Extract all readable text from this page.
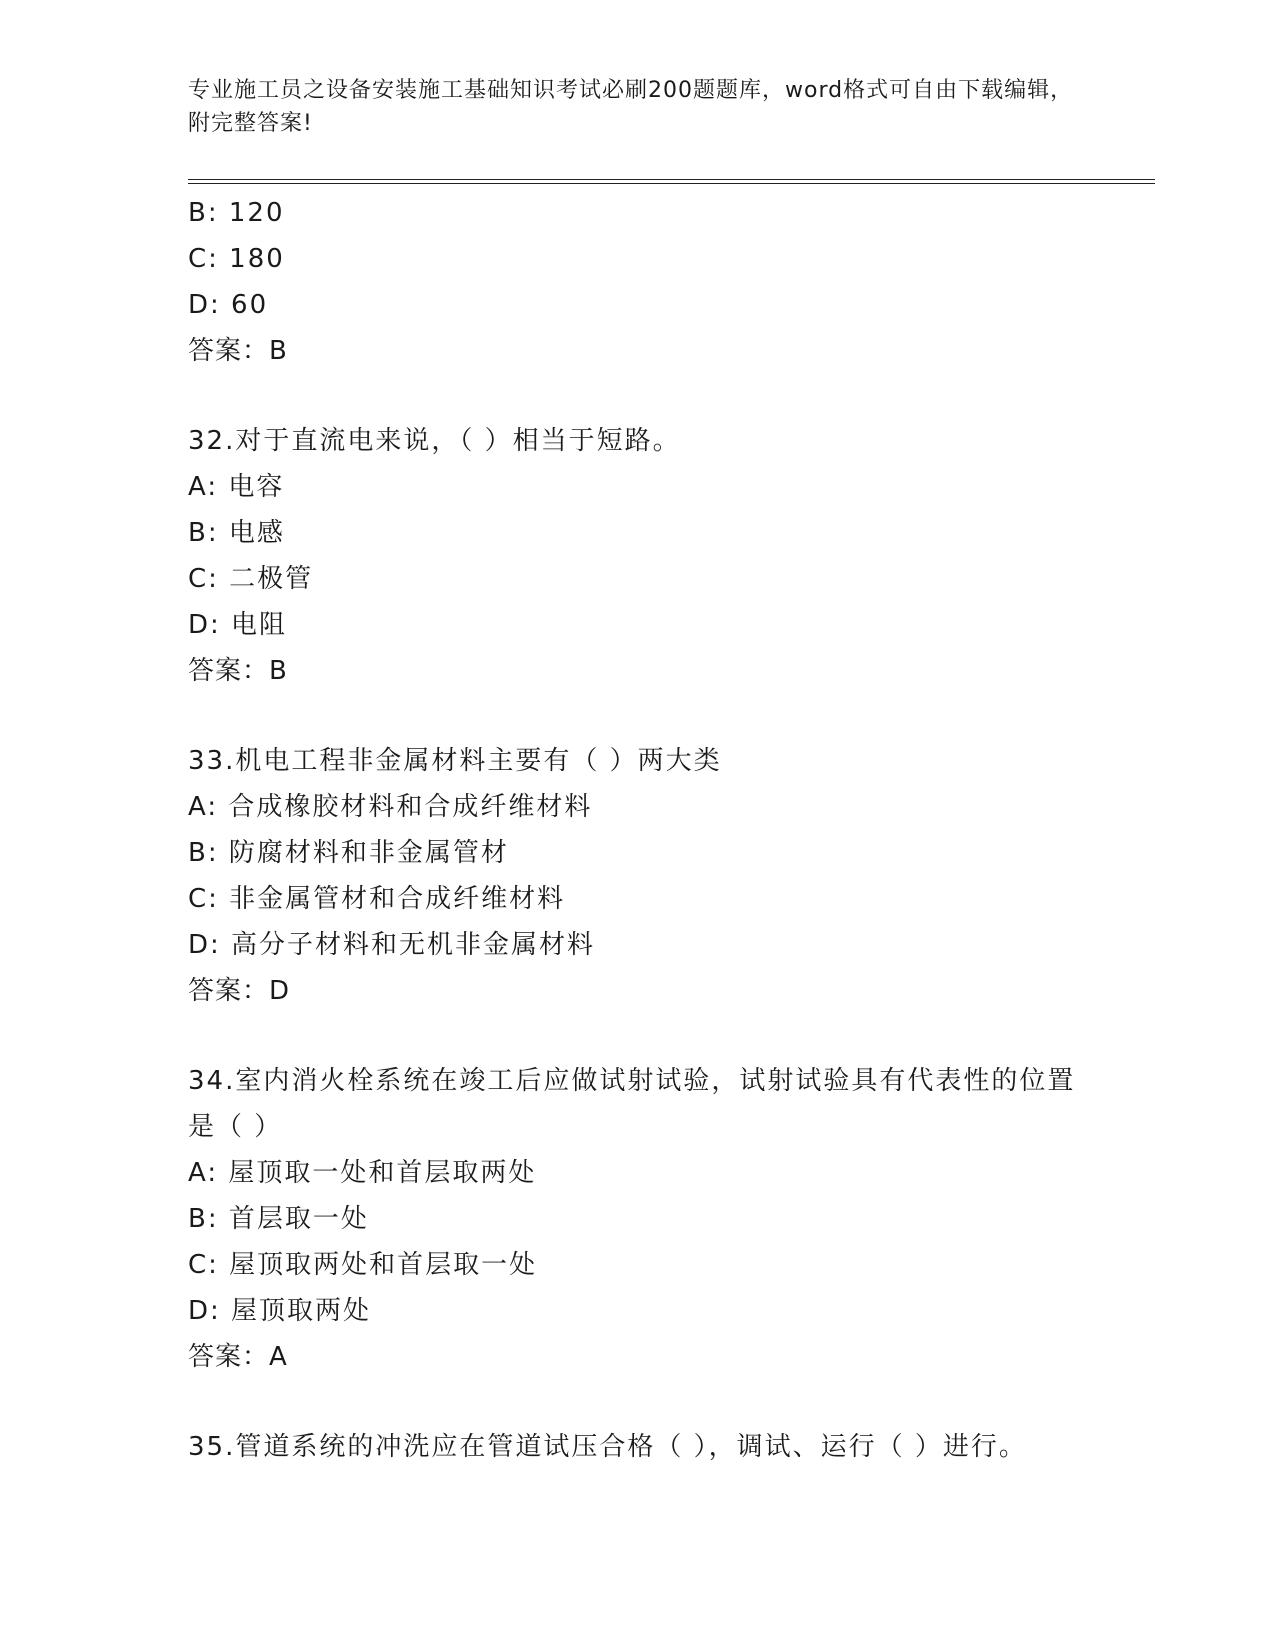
专业施工员之设备安装施工基础知识考试必刷200题题库，word格式可自由下载编辑，附完整答案!
B: 120
C: 180
D: 60
答案：B
32.对于直流电来说，（ ）相当于短路。
A: 电容
B: 电感
C: 二极管
D: 电阻
答案：B
33.机电工程非金属材料主要有（ ）两大类
A: 合成橡胶材料和合成纤维材料
B: 防腐材料和非金属管材
C: 非金属管材和合成纤维材料
D: 高分子材料和无机非金属材料
答案：D
34.室内消火栓系统在竣工后应做试射试验，试射试验具有代表性的位置是（ ）
A: 屋顶取一处和首层取两处
B: 首层取一处
C: 屋顶取两处和首层取一处
D: 屋顶取两处
答案：A
35.管道系统的冲洗应在管道试压合格（ ），调试、运行（ ）进行。
